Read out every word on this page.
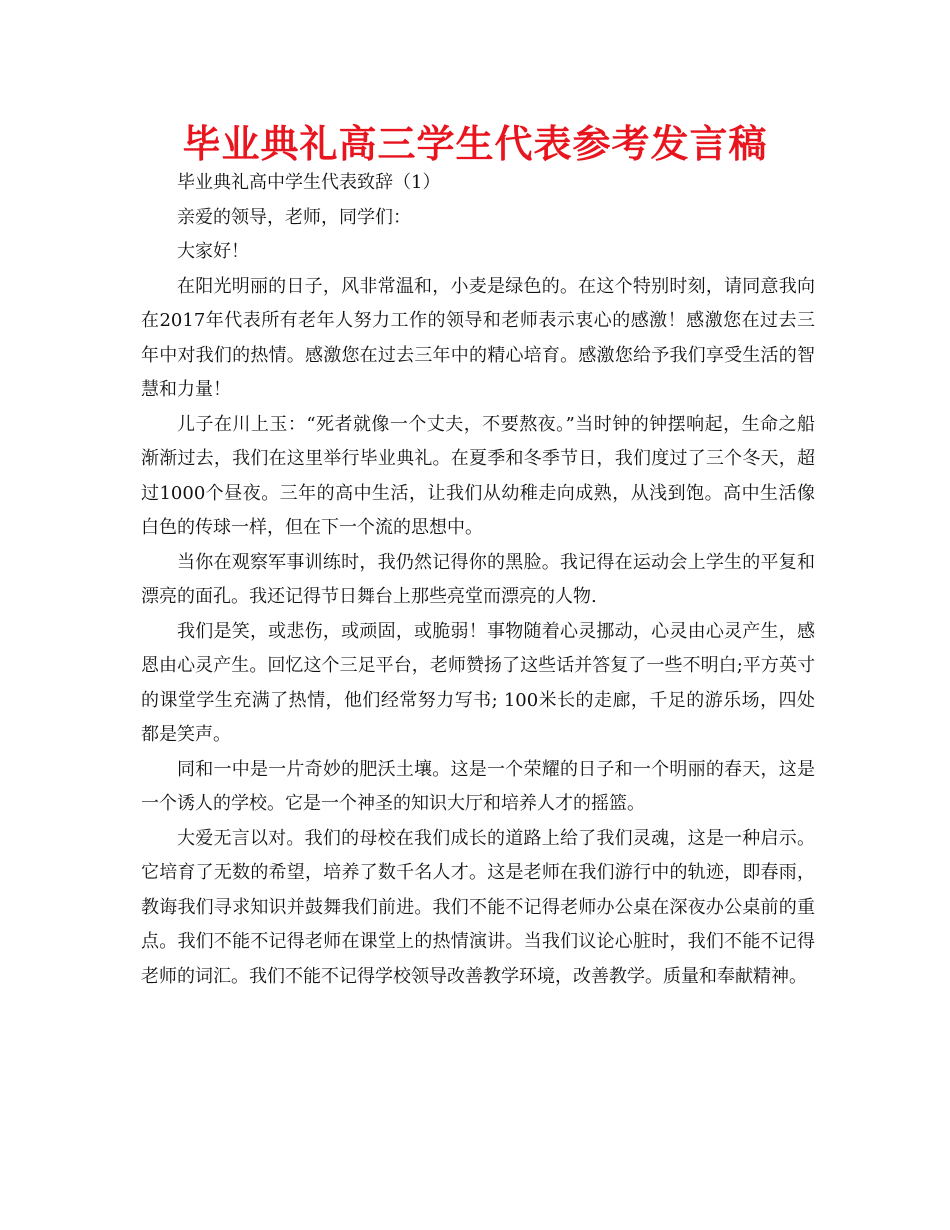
毕业典礼高三学生代表参考发言稿

毕业典礼高中学生代表致辞（1）

亲爱的领导，老师，同学们：

大家好！

在阳光明丽的日子，风非常温和，小麦是绿色的。在这个特别时刻，请同意我向在2017年代表所有老年人努力工作的领导和老师表示衷心的感激！感激您在过去三年中对我们的热情。感激您在过去三年中的精心培育。感激您给予我们享受生活的智慧和力量！

儿子在川上玉：“死者就像一个丈夫，不要熬夜。”当时钟的钟摆响起，生命之船渐渐过去，我们在这里举行毕业典礼。在夏季和冬季节日，我们度过了三个冬天，超过1000个昼夜。三年的高中生活，让我们从幼稚走向成熟，从浅到饱。高中生活像白色的传球一样，但在下一个流的思想中。

当你在观察军事训练时，我仍然记得你的黑脸。我记得在运动会上学生的平复和漂亮的面孔。我还记得节日舞台上那些亮堂而漂亮的人物.

我们是笑，或悲伤，或顽固，或脆弱！事物随着心灵挪动，心灵由心灵产生，感恩由心灵产生。回忆这个三足平台，老师赞扬了这些话并答复了一些不明白;平方英寸的课堂学生充满了热情，他们经常努力写书; 100米长的走廊，千足的游乐场，四处都是笑声。

同和一中是一片奇妙的肥沃土壤。这是一个荣耀的日子和一个明丽的春天，这是一个诱人的学校。它是一个神圣的知识大厅和培养人才的摇篮。

大爱无言以对。我们的母校在我们成长的道路上给了我们灵魂，这是一种启示。它培育了无数的希望，培养了数千名人才。这是老师在我们游行中的轨迹，即春雨，教诲我们寻求知识并鼓舞我们前进。我们不能不记得老师办公桌在深夜办公桌前的重点。我们不能不记得老师在课堂上的热情演讲。当我们议论心脏时，我们不能不记得老师的词汇。我们不能不记得学校领导改善教学环境，改善教学。质量和奉献精神。
